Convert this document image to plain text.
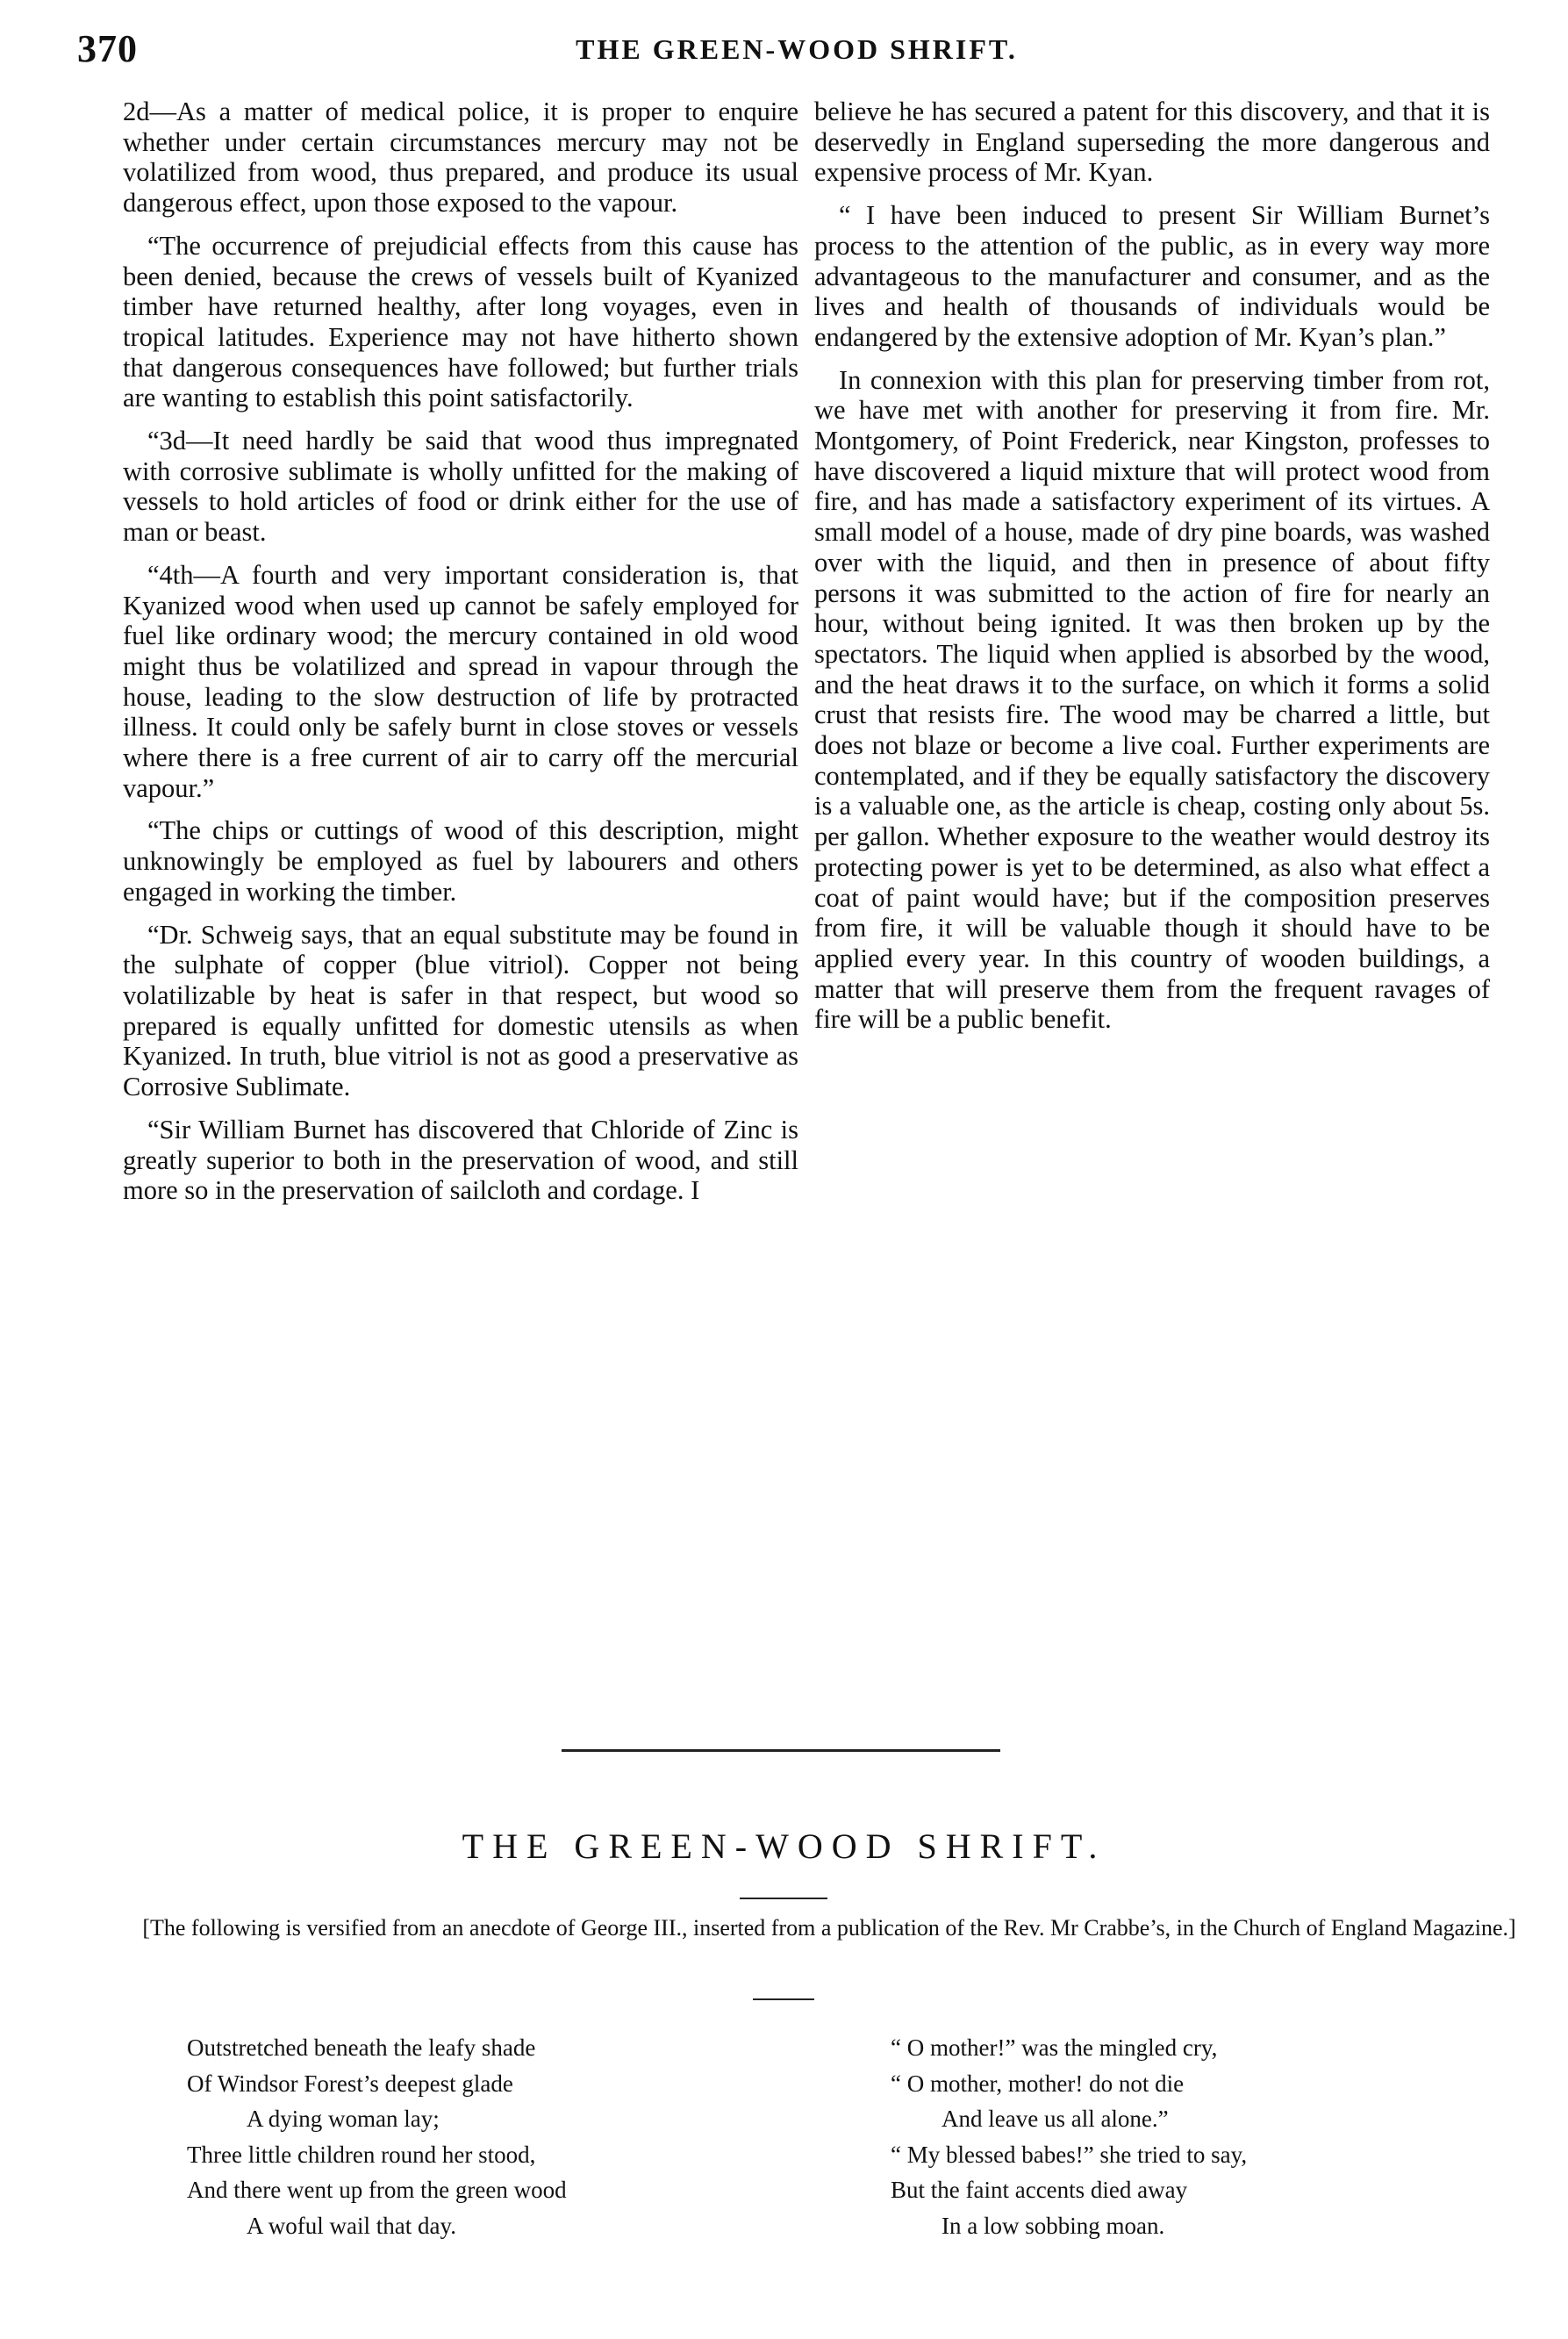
370	THE GREEN-WOOD SHRIFT.

2d—As a matter of medical police, it is proper to enquire whether under certain circumstances mercury may not be volatilized from wood, thus prepared, and produce its usual dangerous effect, upon those exposed to the vapour.

“The occurrence of prejudicial effects from this cause has been denied, because the crews of vessels built of Kyanized timber have returned healthy, after long voyages, even in tropical latitudes. Experience may not have hitherto shown that dangerous consequences have followed; but further trials are wanting to establish this point satisfactorily.

“3d—It need hardly be said that wood thus impregnated with corrosive sublimate is wholly unfitted for the making of vessels to hold articles of food or drink either for the use of man or beast.

“4th—A fourth and very important consideration is, that Kyanized wood when used up cannot be safely employed for fuel like ordinary wood; the mercury contained in old wood might thus be volatilized and spread in vapour through the house, leading to the slow destruction of life by protracted illness. It could only be safely burnt in close stoves or vessels where there is a free current of air to carry off the mercurial vapour.”

“The chips or cuttings of wood of this description, might unknowingly be employed as fuel by labourers and others engaged in working the timber.

“Dr. Schweig says, that an equal substitute may be found in the sulphate of copper (blue vitriol). Copper not being volatilizable by heat is safer in that respect, but wood so prepared is equally unfitted for domestic utensils as when Kyanized. In truth, blue vitriol is not as good a preservative as Corrosive Sublimate.

“Sir William Burnet has discovered that Chloride of Zinc is greatly superior to both in the preservation of wood, and still more so in the preservation of sailcloth and cordage. I

believe he has secured a patent for this discovery, and that it is deservedly in England superseding the more dangerous and expensive process of Mr. Kyan.

“ I have been induced to present Sir William Burnet’s process to the attention of the public, as in every way more advantageous to the manufacturer and consumer, and as the lives and health of thousands of individuals would be endangered by the extensive adoption of Mr. Kyan’s plan.”

In connexion with this plan for preserving timber from rot, we have met with another for preserving it from fire. Mr. Montgomery, of Point Frederick, near Kingston, professes to have discovered a liquid mixture that will protect wood from fire, and has made a satisfactory experiment of its virtues. A small model of a house, made of dry pine boards, was washed over with the liquid, and then in presence of about fifty persons it was submitted to the action of fire for nearly an hour, without being ignited. It was then broken up by the spectators. The liquid when applied is absorbed by the wood, and the heat draws it to the surface, on which it forms a solid crust that resists fire. The wood may be charred a little, but does not blaze or become a live coal. Further experiments are contemplated, and if they be equally satisfactory the discovery is a valuable one, as the article is cheap, costing only about 5s. per gallon. Whether exposure to the weather would destroy its protecting power is yet to be determined, as also what effect a coat of paint would have; but if the composition preserves from fire, it will be valuable though it should have to be applied every year. In this country of wooden buildings, a matter that will preserve them from the frequent ravages of fire will be a public benefit.

THE GREEN-WOOD SHRIFT.
[The following is versified from an anecdote of George III., inserted from a publication of the Rev. Mr Crabbe’s, in the Church of England Magazine.]
Outstretched beneath the leafy shade
Of Windsor Forest’s deepest glade
A dying woman lay;
Three little children round her stood,
And there went up from the green wood
A woful wail that day.
“ O mother!” was the mingled cry,
“ O mother, mother! do not die
And leave us all alone.”
“ My blessed babes!” she tried to say,
But the faint accents died away
In a low sobbing moan.
